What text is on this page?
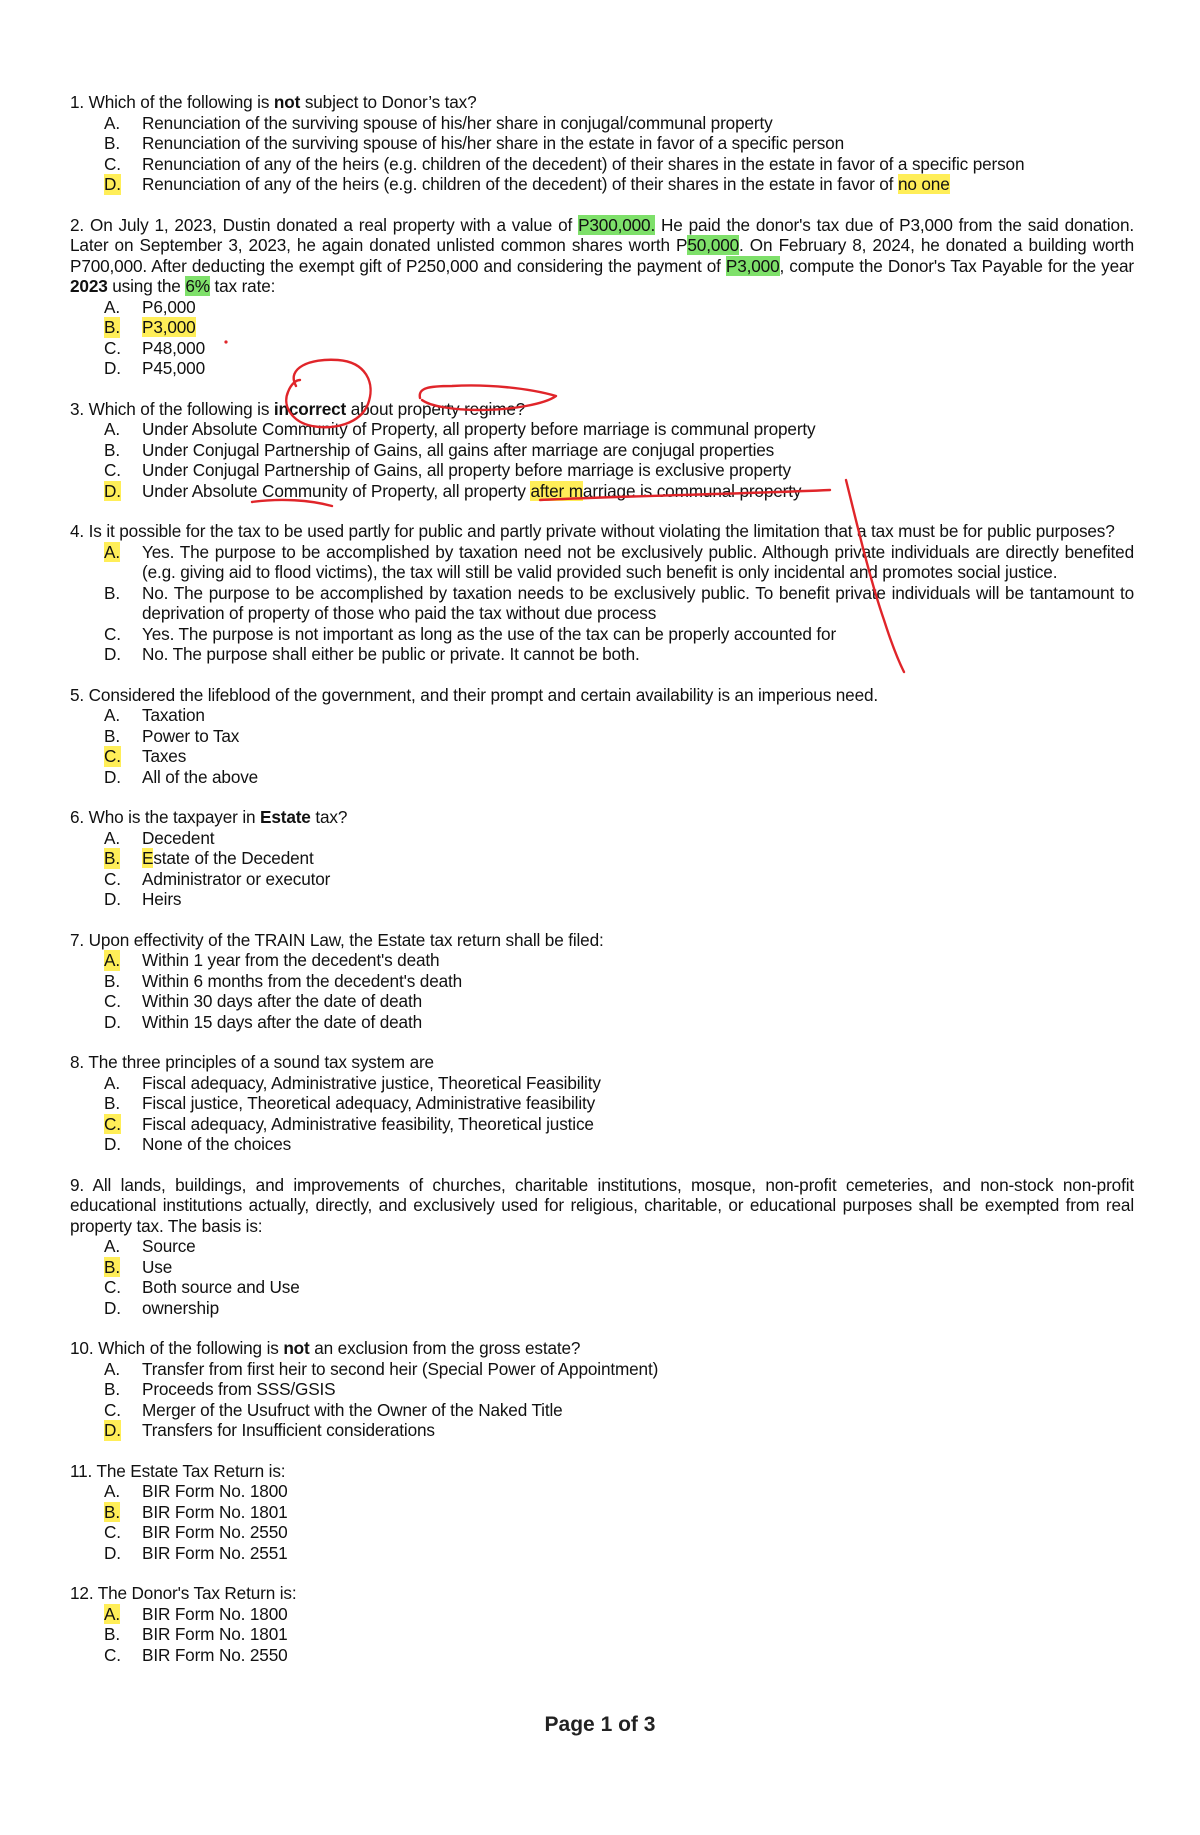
1. Which of the following is not subject to Donor’s tax?
A. Renunciation of the surviving spouse of his/her share in conjugal/communal property
B. Renunciation of the surviving spouse of his/her share in the estate in favor of a specific person
C. Renunciation of any of the heirs (e.g. children of the decedent) of their shares in the estate in favor of a specific person
D. Renunciation of any of the heirs (e.g. children of the decedent) of their shares in the estate in favor of no one
2. On July 1, 2023, Dustin donated a real property with a value of P300,000. He paid the donor's tax due of P3,000 from the said donation. Later on September 3, 2023, he again donated unlisted common shares worth P50,000. On February 8, 2024, he donated a building worth P700,000. After deducting the exempt gift of P250,000 and considering the payment of P3,000, compute the Donor's Tax Payable for the year 2023 using the 6% tax rate:
A. P6,000
B. P3,000
C. P48,000
D. P45,000
3. Which of the following is incorrect about property regime?
A. Under Absolute Community of Property, all property before marriage is communal property
B. Under Conjugal Partnership of Gains, all gains after marriage are conjugal properties
C. Under Conjugal Partnership of Gains, all property before marriage is exclusive property
D. Under Absolute Community of Property, all property after marriage is communal property
4. Is it possible for the tax to be used partly for public and partly private without violating the limitation that a tax must be for public purposes?
A. Yes. The purpose to be accomplished by taxation need not be exclusively public. Although private individuals are directly benefited (e.g. giving aid to flood victims), the tax will still be valid provided such benefit is only incidental and promotes social justice.
B. No. The purpose to be accomplished by taxation needs to be exclusively public. To benefit private individuals will be tantamount to deprivation of property of those who paid the tax without due process
C. Yes. The purpose is not important as long as the use of the tax can be properly accounted for
D. No. The purpose shall either be public or private. It cannot be both.
5. Considered the lifeblood of the government, and their prompt and certain availability is an imperious need.
A. Taxation
B. Power to Tax
C. Taxes
D. All of the above
6. Who is the taxpayer in Estate tax?
A. Decedent
B. Estate of the Decedent
C. Administrator or executor
D. Heirs
7. Upon effectivity of the TRAIN Law, the Estate tax return shall be filed:
A. Within 1 year from the decedent's death
B. Within 6 months from the decedent's death
C. Within 30 days after the date of death
D. Within 15 days after the date of death
8. The three principles of a sound tax system are
A. Fiscal adequacy, Administrative justice, Theoretical Feasibility
B. Fiscal justice, Theoretical adequacy, Administrative feasibility
C. Fiscal adequacy, Administrative feasibility, Theoretical justice
D. None of the choices
9. All lands, buildings, and improvements of churches, charitable institutions, mosque, non-profit cemeteries, and non-stock non-profit educational institutions actually, directly, and exclusively used for religious, charitable, or educational purposes shall be exempted from real property tax. The basis is:
A. Source
B. Use
C. Both source and Use
D. ownership
10. Which of the following is not an exclusion from the gross estate?
A. Transfer from first heir to second heir (Special Power of Appointment)
B. Proceeds from SSS/GSIS
C. Merger of the Usufruct with the Owner of the Naked Title
D. Transfers for Insufficient considerations
11. The Estate Tax Return is:
A. BIR Form No. 1800
B. BIR Form No. 1801
C. BIR Form No. 2550
D. BIR Form No. 2551
12. The Donor's Tax Return is:
A. BIR Form No. 1800
B. BIR Form No. 1801
C. BIR Form No. 2550
Page 1 of 3
